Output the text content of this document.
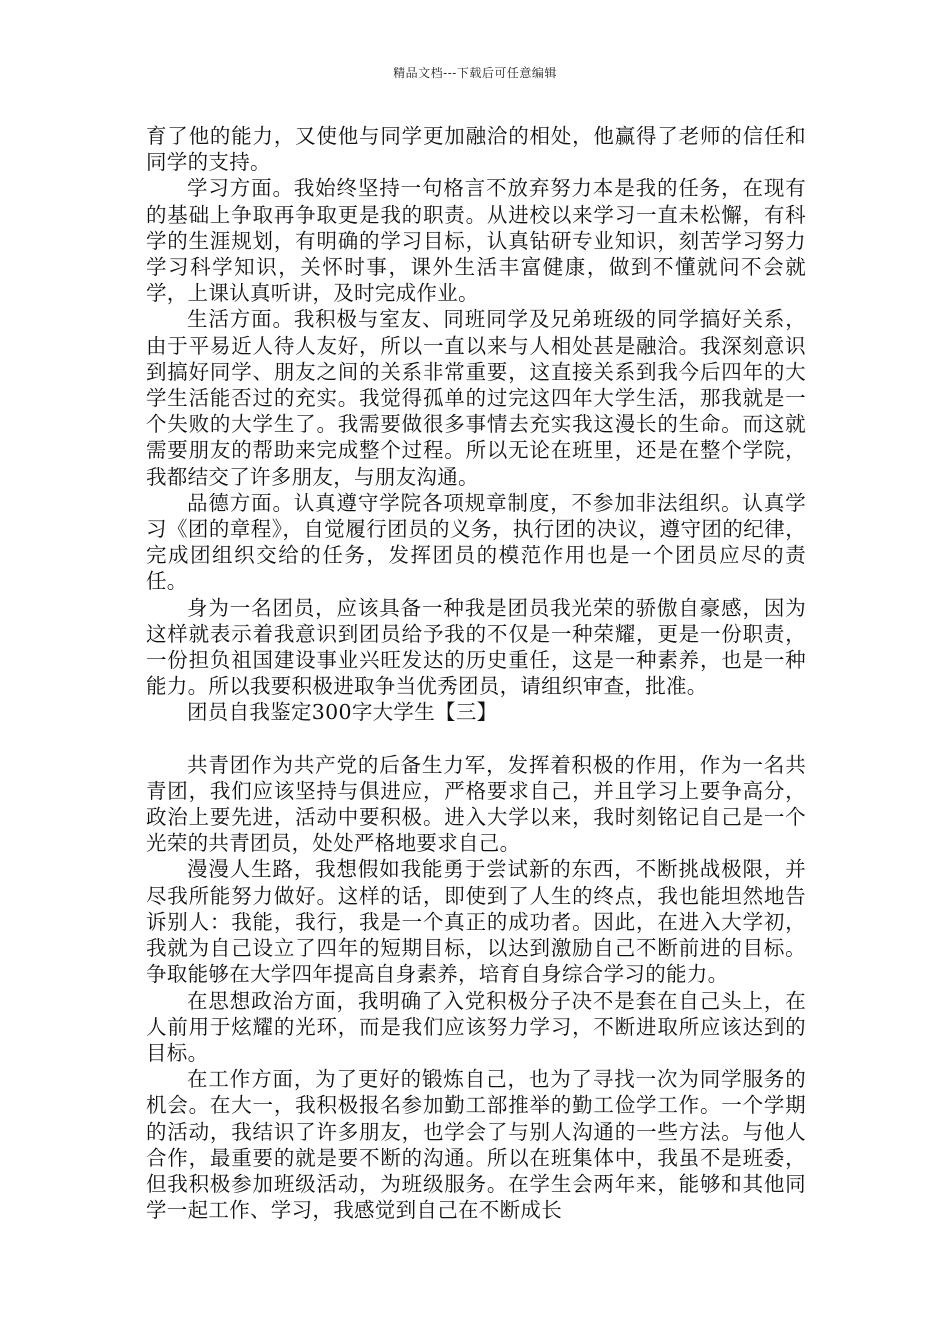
精品文档---下载后可任意编辑

育了他的能力，又使他与同学更加融洽的相处，他赢得了老师的信任和同学的支持。

学习方面。我始终坚持一句格言不放弃努力本是我的任务，在现有的基础上争取再争取更是我的职责。从进校以来学习一直未松懈，有科学的生涯规划，有明确的学习目标，认真钻研专业知识，刻苦学习努力学习科学知识，关怀时事，课外生活丰富健康，做到不懂就问不会就学，上课认真听讲，及时完成作业。

生活方面。我积极与室友、同班同学及兄弟班级的同学搞好关系，由于平易近人待人友好，所以一直以来与人相处甚是融洽。我深刻意识到搞好同学、朋友之间的关系非常重要，这直接关系到我今后四年的大学生活能否过的充实。我觉得孤单的过完这四年大学生活，那我就是一个失败的大学生了。我需要做很多事情去充实我这漫长的生命。而这就需要朋友的帮助来完成整个过程。所以无论在班里，还是在整个学院，我都结交了许多朋友，与朋友沟通。

品德方面。认真遵守学院各项规章制度，不参加非法组织。认真学习《团的章程》，自觉履行团员的义务，执行团的决议，遵守团的纪律，完成团组织交给的任务，发挥团员的模范作用也是一个团员应尽的责任。

身为一名团员，应该具备一种我是团员我光荣的骄傲自豪感，因为这样就表示着我意识到团员给予我的不仅是一种荣耀，更是一份职责，一份担负祖国建设事业兴旺发达的历史重任，这是一种素养，也是一种能力。所以我要积极进取争当优秀团员，请组织审查，批准。

团员自我鉴定300字大学生【三】

共青团作为共产党的后备生力军，发挥着积极的作用，作为一名共青团，我们应该坚持与俱进应，严格要求自己，并且学习上要争高分，政治上要先进，活动中要积极。进入大学以来，我时刻铭记自己是一个光荣的共青团员，处处严格地要求自己。

漫漫人生路，我想假如我能勇于尝试新的东西，不断挑战极限，并尽我所能努力做好。这样的话，即使到了人生的终点，我也能坦然地告诉别人：我能，我行，我是一个真正的成功者。因此，在进入大学初，我就为自己设立了四年的短期目标，以达到激励自己不断前进的目标。争取能够在大学四年提高自身素养，培育自身综合学习的能力。

在思想政治方面，我明确了入党积极分子决不是套在自己头上，在人前用于炫耀的光环，而是我们应该努力学习，不断进取所应该达到的目标。

在工作方面，为了更好的锻炼自己，也为了寻找一次为同学服务的机会。在大一，我积极报名参加勤工部推举的勤工俭学工作。一个学期的活动，我结识了许多朋友，也学会了与别人沟通的一些方法。与他人合作，最重要的就是要不断的沟通。所以在班集体中，我虽不是班委，但我积极参加班级活动，为班级服务。在学生会两年来，能够和其他同学一起工作、学习，我感觉到自己在不断成长
